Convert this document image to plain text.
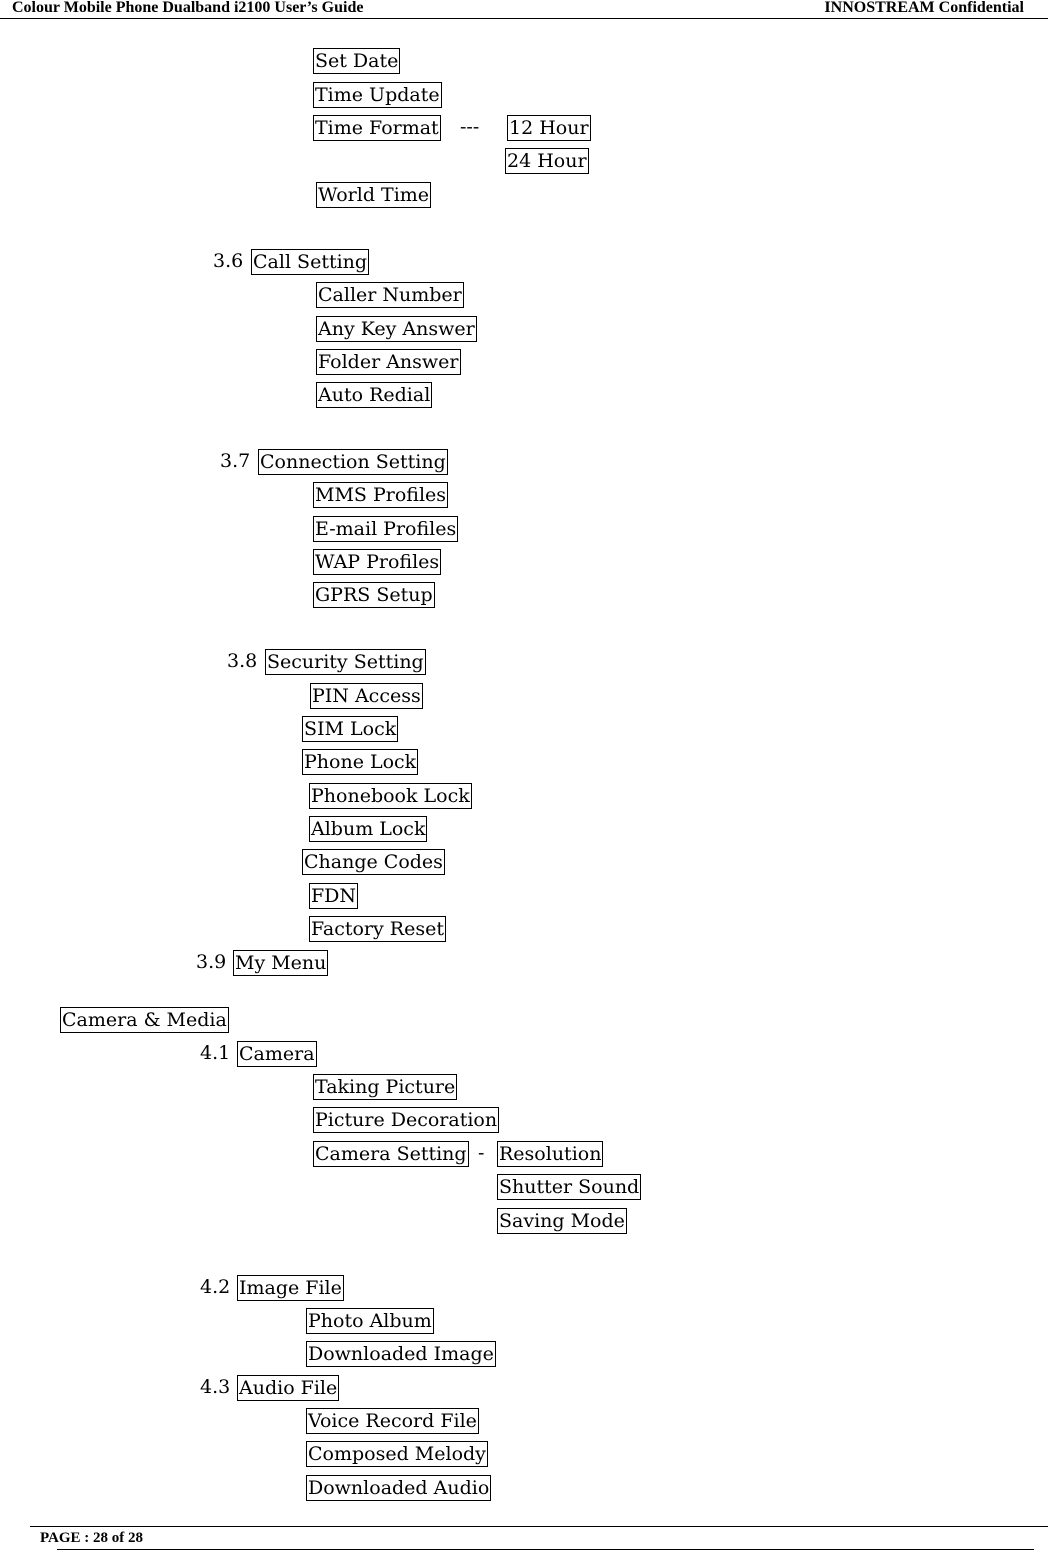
Colour Mobile Phone Dualband i2100 User’s Guide	INNOSTREAM Confidential
Set Date
Time Update
Time Format --- 12 Hour
24 Hour
World Time
3.6 Call Setting
Caller Number
Any Key Answer
Folder Answer
Auto Redial
3.7 Connection Setting
MMS Profiles
E-mail Profiles
WAP Profiles
GPRS Setup
3.8 Security Setting
PIN Access
SIM Lock
Phone Lock
Phonebook Lock
Album Lock
Change Codes
FDN
Factory Reset
3.9 My Menu
Camera & Media
4.1 Camera
Taking Picture
Picture Decoration
Camera Setting - Resolution
Shutter Sound
Saving Mode
4.2 Image File
Photo Album
Downloaded Image
4.3 Audio File
Voice Record File
Composed Melody
Downloaded Audio
PAGE : 28 of 28
